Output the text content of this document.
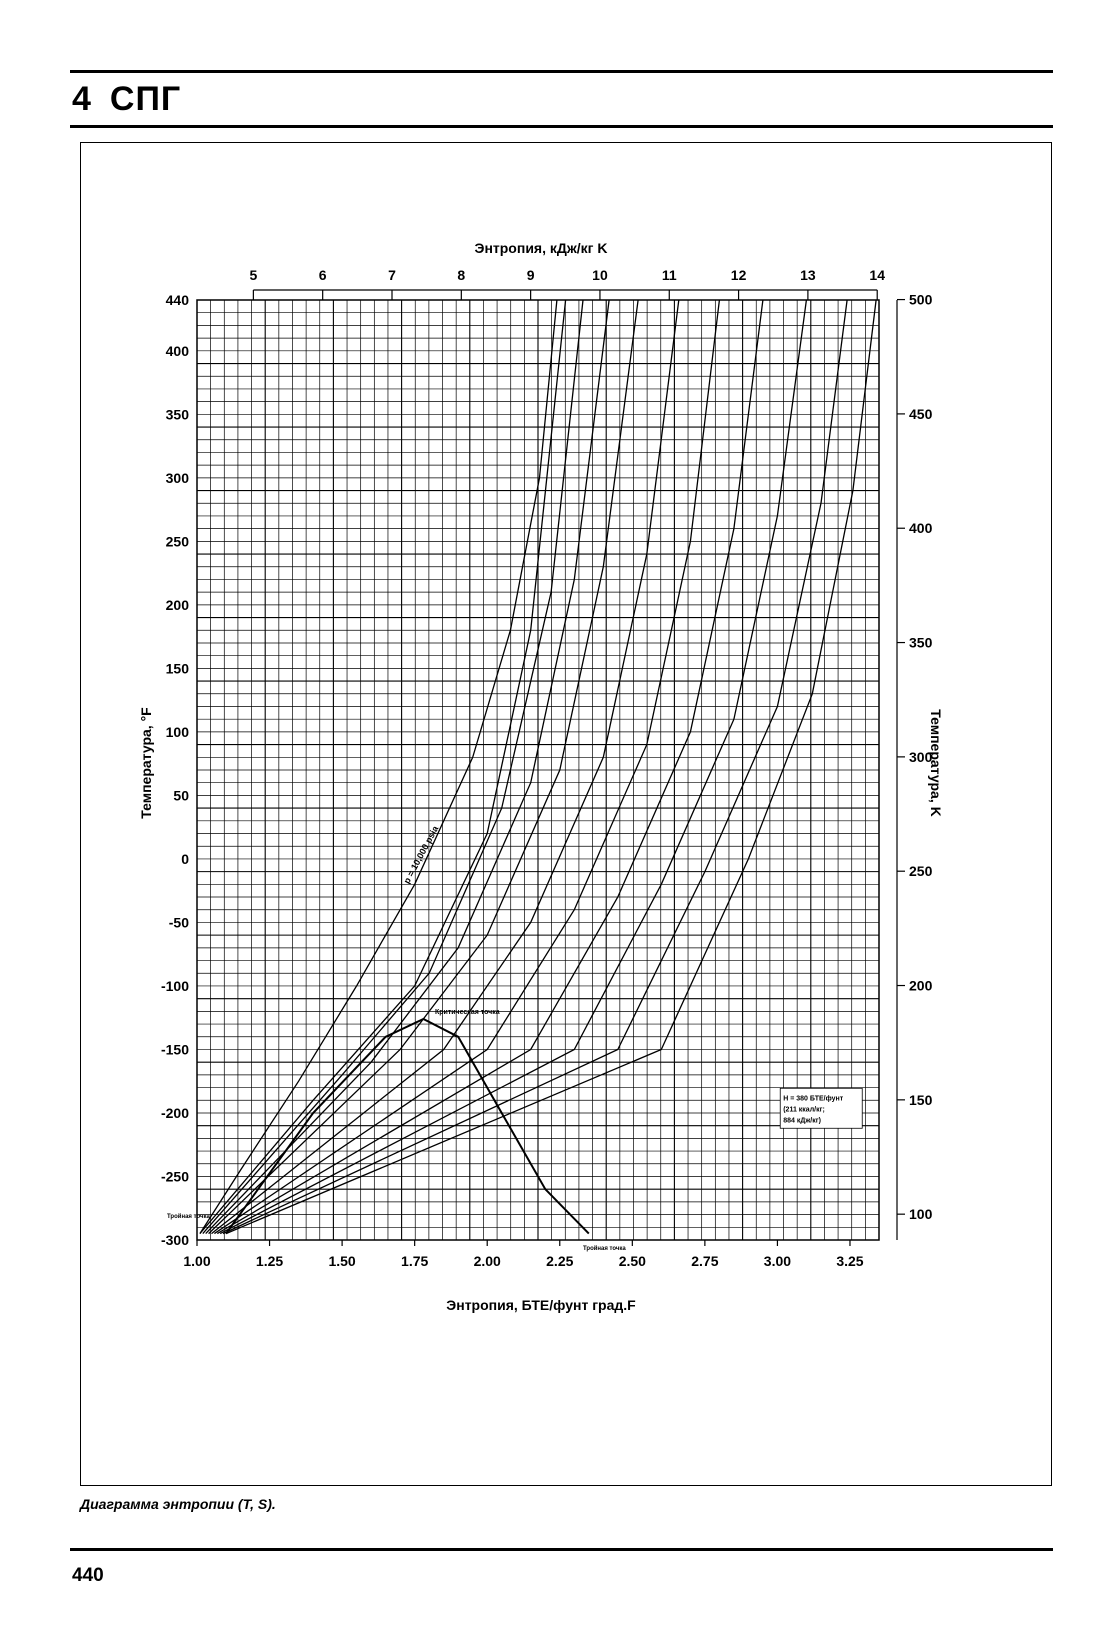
4 СПГ
p = 10,000 psia
1.00	1.25	1.50	1.75	2.00	2.25	2.50	2.75	3.00	3.25
5	6	7	8	9	10	11	12	13	14
440
400
350
300
250
200
150
100
50
0
-50
-100
-150
-200
-250
-300
500
450
400
350
300
250
200
150
100
Критическая точка
Тройная точка
Тройная точка
H = 380 БТЕ/фунт
(211 ккал/кг;
884 кДж/кг)
Энтропия, БТЕ/фунт град.F
Энтропия, кДж/кг K
Температура, °F	Температура, K
Диаграмма энтропии (T, S).
440
